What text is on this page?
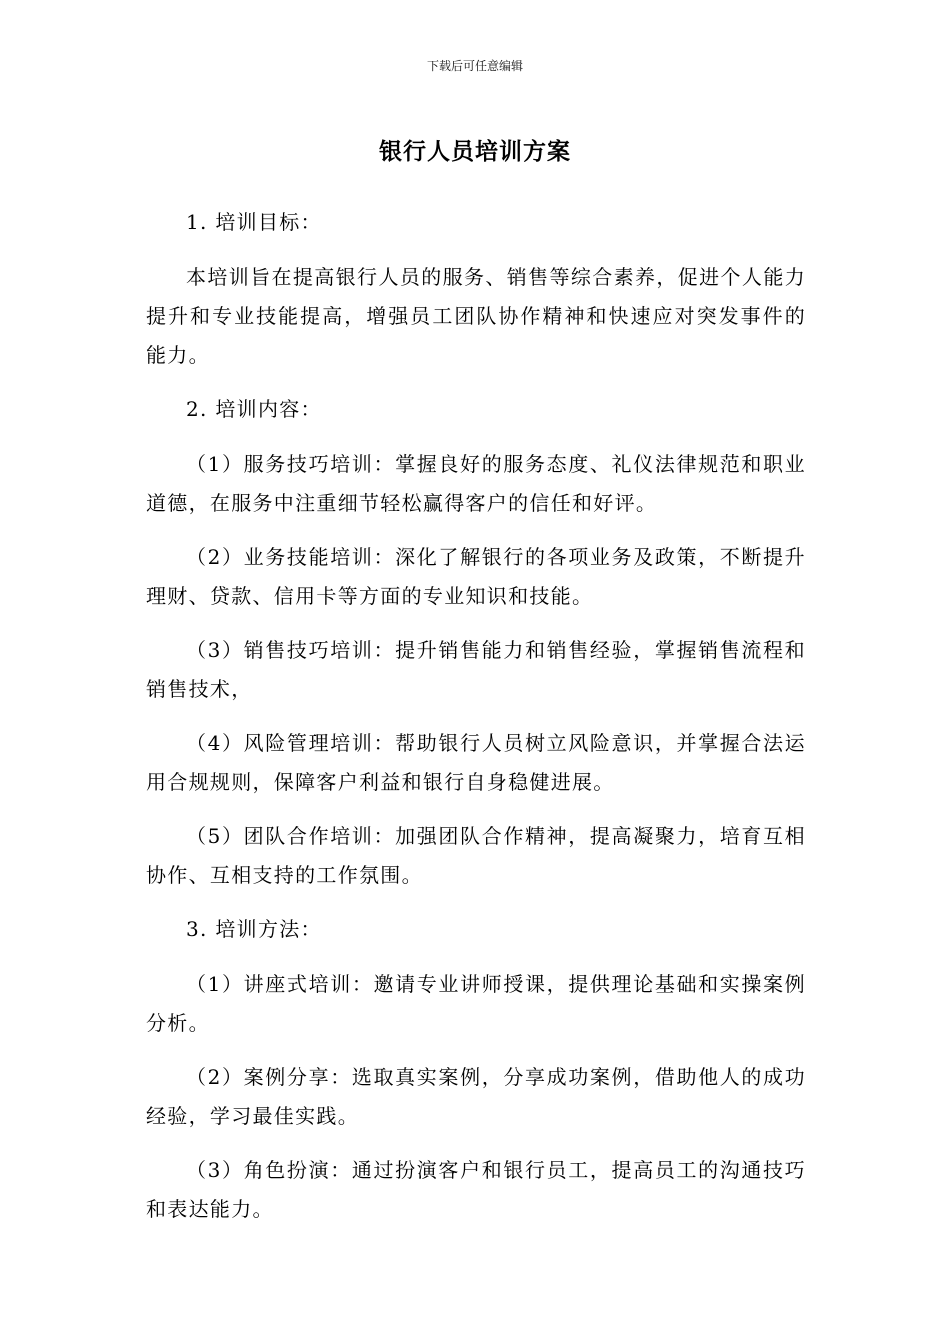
下载后可任意编辑
银行人员培训方案

1. 培训目标：

本培训旨在提高银行人员的服务、销售等综合素养，促进个人能力提升和专业技能提高，增强员工团队协作精神和快速应对突发事件的能力。

2. 培训内容：

（1）服务技巧培训：掌握良好的服务态度、礼仪法律规范和职业道德，在服务中注重细节轻松赢得客户的信任和好评。

（2）业务技能培训：深化了解银行的各项业务及政策，不断提升理财、贷款、信用卡等方面的专业知识和技能。

（3）销售技巧培训：提升销售能力和销售经验，掌握销售流程和销售技术，

（4）风险管理培训：帮助银行人员树立风险意识，并掌握合法运用合规规则，保障客户利益和银行自身稳健进展。

（5）团队合作培训：加强团队合作精神，提高凝聚力，培育互相协作、互相支持的工作氛围。

3. 培训方法：

（1）讲座式培训：邀请专业讲师授课，提供理论基础和实操案例分析。

（2）案例分享：选取真实案例，分享成功案例，借助他人的成功经验，学习最佳实践。

（3）角色扮演：通过扮演客户和银行员工，提高员工的沟通技巧和表达能力。
